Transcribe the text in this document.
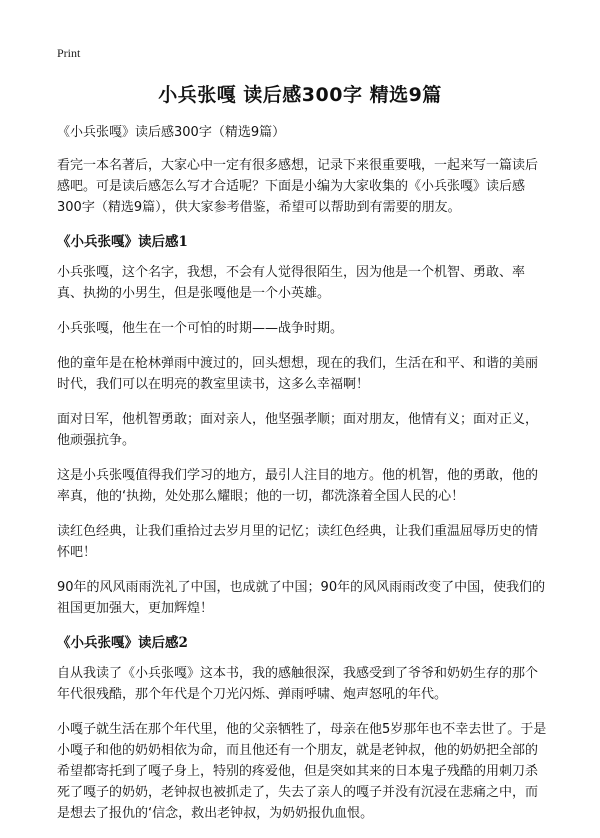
Print
小兵张嘎 读后感300字 精选9篇

《小兵张嘎》读后感300字（精选9篇）

看完一本名著后，大家心中一定有很多感想，记录下来很重要哦，一起来写一篇读后感吧。可是读后感怎么写才合适呢？下面是小编为大家收集的《小兵张嘎》读后感300字（精选9篇），供大家参考借鉴，希望可以帮助到有需要的朋友。

《小兵张嘎》读后感1

小兵张嘎，这个名字，我想，不会有人觉得很陌生，因为他是一个机智、勇敢、率真、执拗的小男生，但是张嘎他是一个小英雄。

小兵张嘎，他生在一个可怕的时期——战争时期。

他的童年是在枪林弹雨中渡过的，回头想想，现在的我们，生活在和平、和谐的美丽时代，我们可以在明亮的教室里读书，这多么幸福啊！

面对日军，他机智勇敢；面对亲人，他坚强孝顺；面对朋友，他情有义；面对正义，他顽强抗争。

这是小兵张嘎值得我们学习的地方，最引人注目的地方。他的机智，他的勇敢，他的率真，他的‘执拗，处处那么耀眼；他的一切，都洗涤着全国人民的心！

读红色经典，让我们重拾过去岁月里的记忆；读红色经典，让我们重温屈辱历史的情怀吧！

90年的风风雨雨洗礼了中国，也成就了中国；90年的风风雨雨改变了中国，使我们的祖国更加强大，更加辉煌！

《小兵张嘎》读后感2

自从我读了《小兵张嘎》这本书，我的感触很深，我感受到了爷爷和奶奶生存的那个年代很残酷，那个年代是个刀光闪烁、弹雨呼啸、炮声怒吼的年代。

小嘎子就生活在那个年代里，他的父亲牺牲了，母亲在他5岁那年也不幸去世了。于是小嘎子和他的奶奶相依为命，而且他还有一个朋友，就是老钟叔，他的奶奶把全部的希望都寄托到了嘎子身上，特别的疼爱他，但是突如其来的日本鬼子残酷的用刺刀杀死了嘎子的奶奶，老钟叔也被抓走了，失去了亲人的嘎子并没有沉浸在悲痛之中，而是想去了报仇的‘信念，救出老钟叔，为奶奶报仇血恨。
